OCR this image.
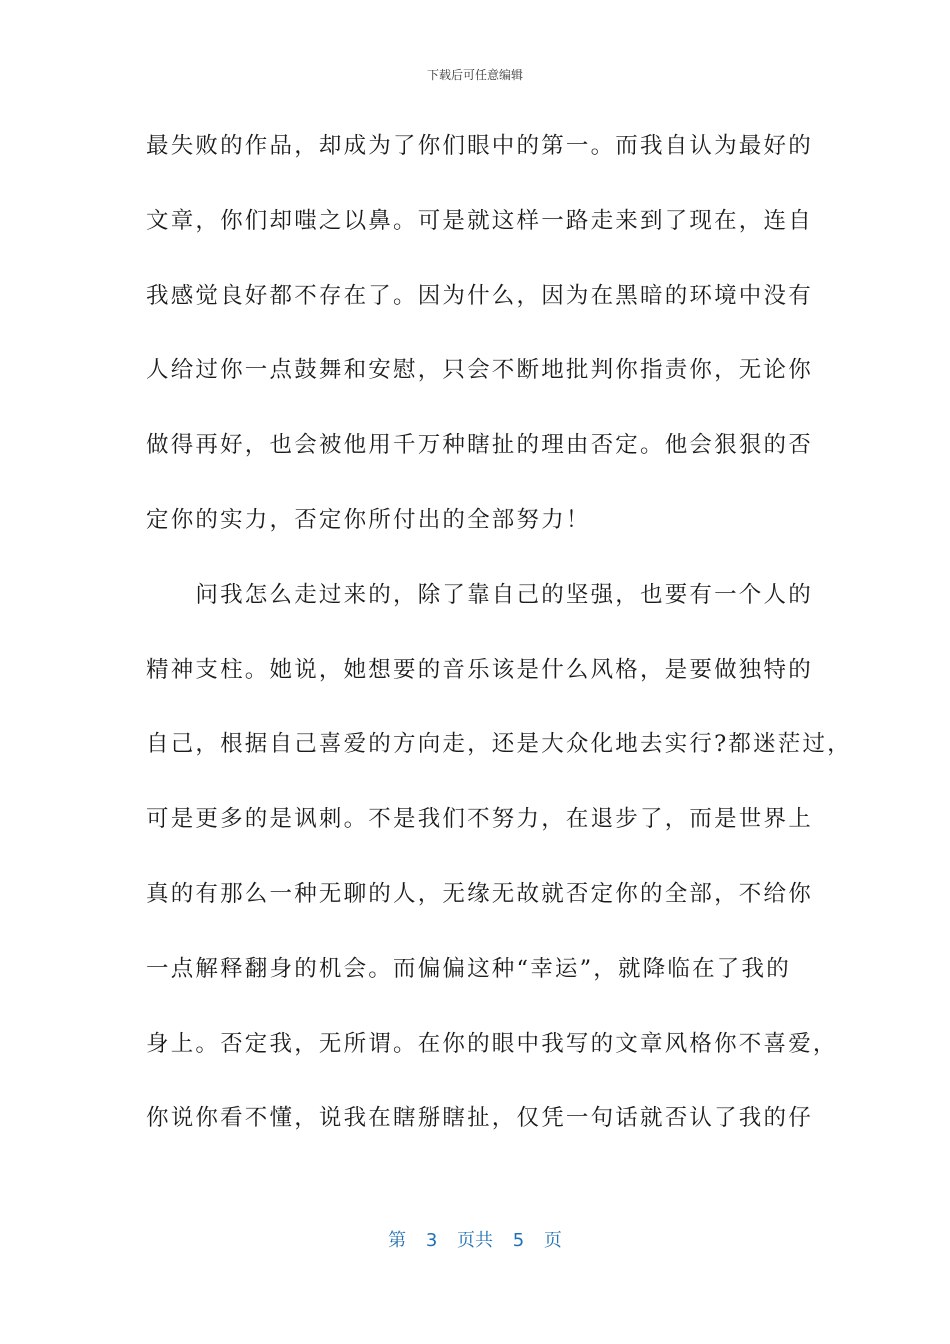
下载后可任意编辑
最失败的作品，却成为了你们眼中的第一。而我自认为最好的
文章，你们却嗤之以鼻。可是就这样一路走来到了现在，连自
我感觉良好都不存在了。因为什么，因为在黑暗的环境中没有
人给过你一点鼓舞和安慰，只会不断地批判你指责你，无论你
做得再好，也会被他用千万种瞎扯的理由否定。他会狠狠的否
定你的实力，否定你所付出的全部努力！
　　问我怎么走过来的，除了靠自己的坚强，也要有一个人的
精神支柱。她说，她想要的音乐该是什么风格，是要做独特的
自己，根据自己喜爱的方向走，还是大众化地去实行?都迷茫过，
可是更多的是讽刺。不是我们不努力，在退步了，而是世界上
真的有那么一种无聊的人，无缘无故就否定你的全部，不给你
一点解释翻身的机会。而偏偏这种“幸运”，就降临在了我的
身上。否定我，无所谓。在你的眼中我写的文章风格你不喜爱，
你说你看不懂，说我在瞎掰瞎扯，仅凭一句话就否认了我的仔
第 3 页共 5 页
